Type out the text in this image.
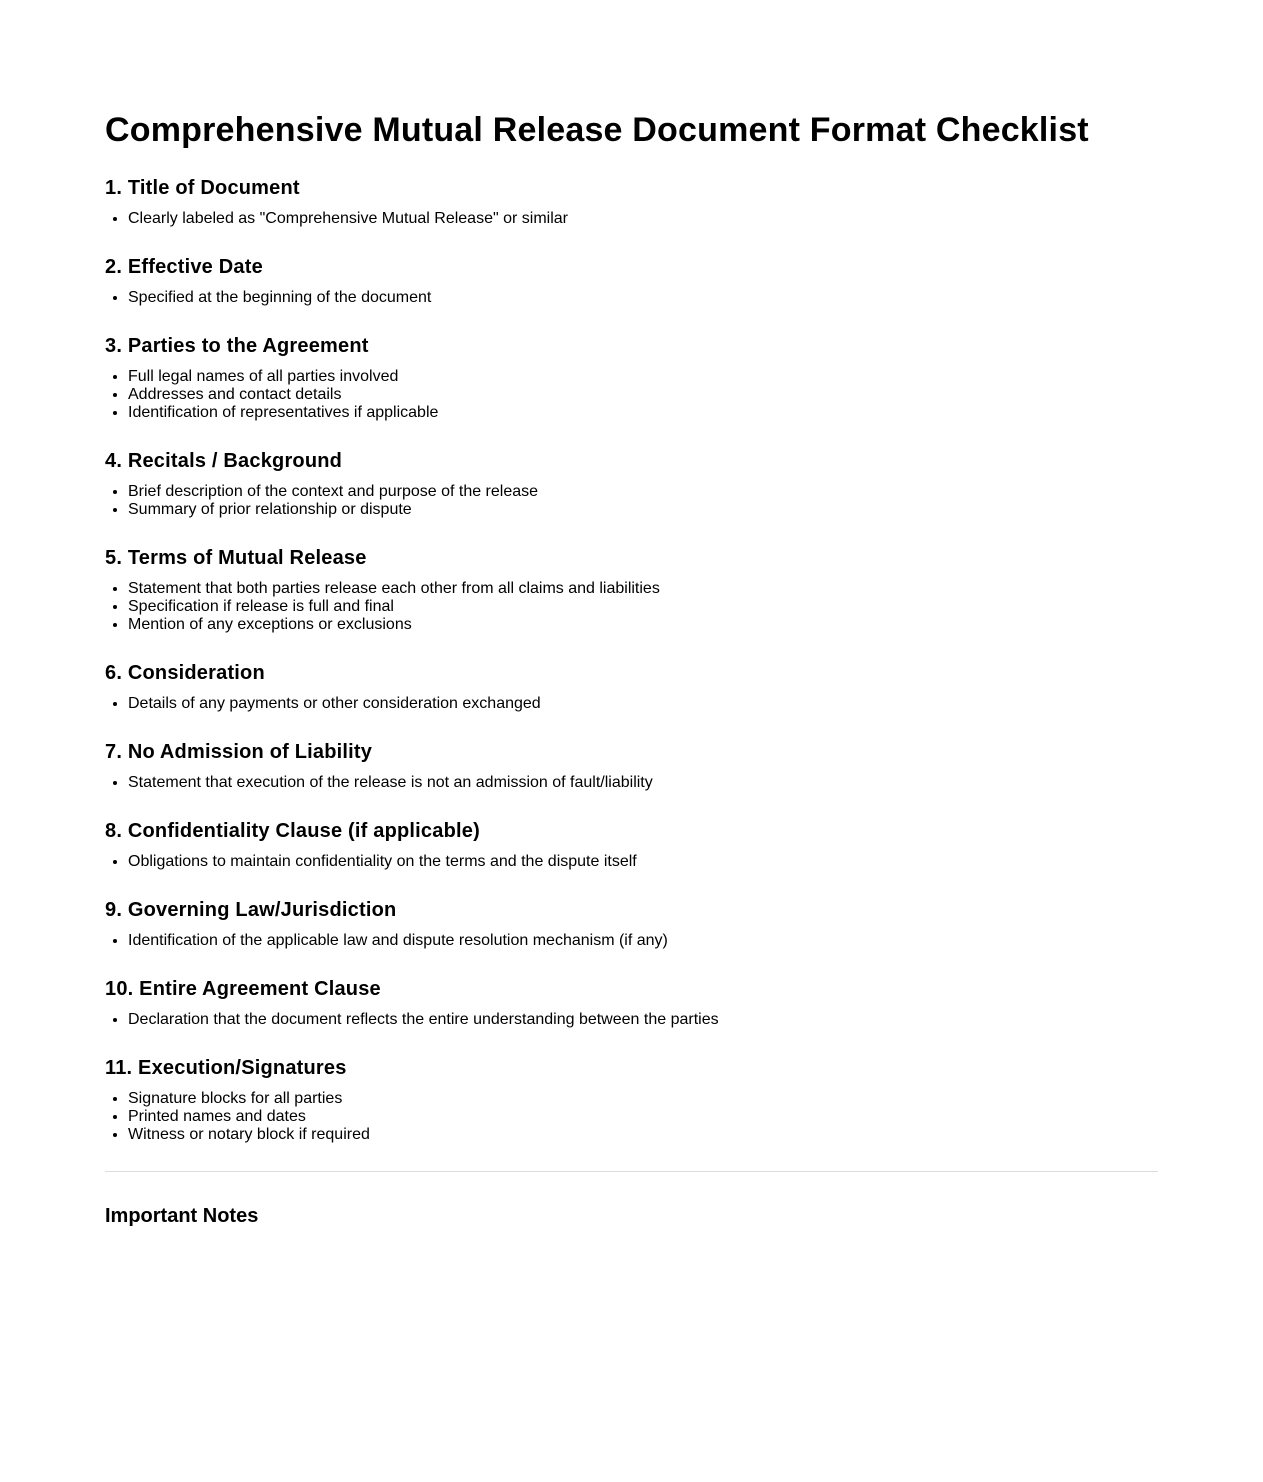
Comprehensive Mutual Release Document Format Checklist
1. Title of Document
• Clearly labeled as "Comprehensive Mutual Release" or similar
2. Effective Date
• Specified at the beginning of the document
3. Parties to the Agreement
• Full legal names of all parties involved
• Addresses and contact details
• Identification of representatives if applicable
4. Recitals / Background
• Brief description of the context and purpose of the release
• Summary of prior relationship or dispute
5. Terms of Mutual Release
• Statement that both parties release each other from all claims and liabilities
• Specification if release is full and final
• Mention of any exceptions or exclusions
6. Consideration
• Details of any payments or other consideration exchanged
7. No Admission of Liability
• Statement that execution of the release is not an admission of fault/liability
8. Confidentiality Clause (if applicable)
• Obligations to maintain confidentiality on the terms and the dispute itself
9. Governing Law/Jurisdiction
• Identification of the applicable law and dispute resolution mechanism (if any)
10. Entire Agreement Clause
• Declaration that the document reflects the entire understanding between the parties
11. Execution/Signatures
• Signature blocks for all parties
• Printed names and dates
• Witness or notary block if required
Important Notes
